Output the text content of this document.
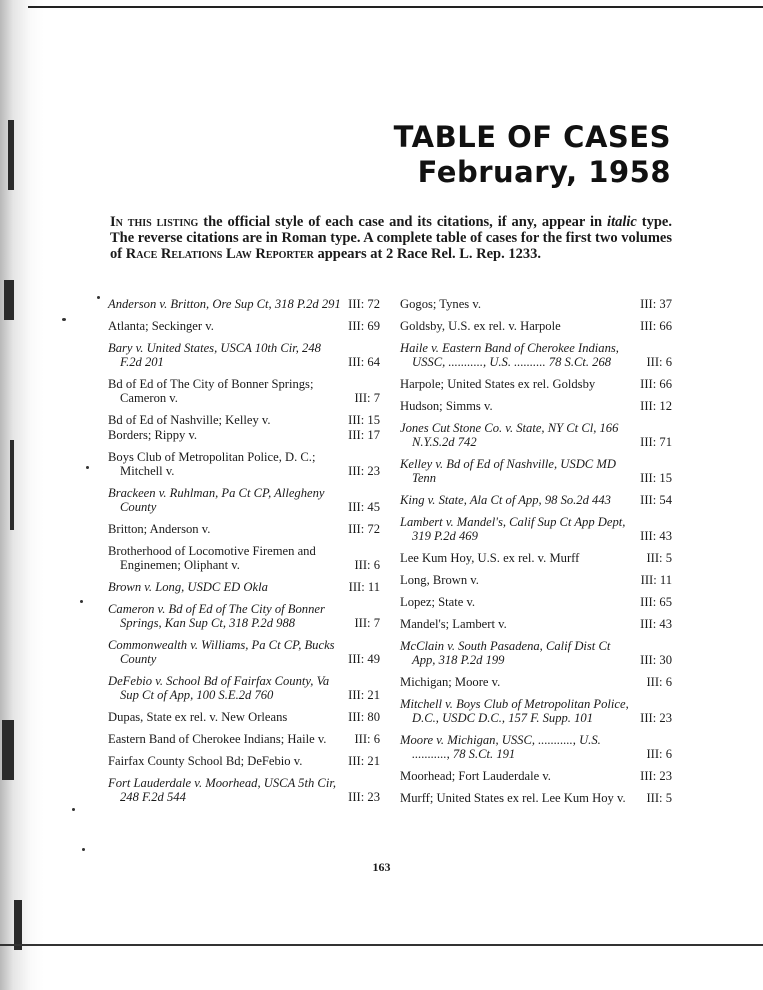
TABLE OF CASES
February, 1958
In this listing the official style of each case and its citations, if any, appear in italic type. The reverse citations are in Roman type. A complete table of cases for the first two volumes of Race Relations Law Reporter appears at 2 Race Rel. L. Rep. 1233.
Anderson v. Britton, Ore Sup Ct, 318 P.2d 291 III: 72
Atlanta; Seckinger v.	III: 69
Bary v. United States, USCA 10th Cir, 248 F.2d 201	III: 64
Bd of Ed of The City of Bonner Springs; Cameron v.	III: 7
Bd of Ed of Nashville; Kelley v.	III: 15
Borders; Rippy v.	III: 17
Boys Club of Metropolitan Police, D. C.; Mitchell v.	III: 23
Brackeen v. Ruhlman, Pa Ct CP, Allegheny County	III: 45
Britton; Anderson v.	III: 72
Brotherhood of Locomotive Firemen and Enginemen; Oliphant v.	III: 6
Brown v. Long, USDC ED Okla	III: 11
Cameron v. Bd of Ed of The City of Bonner Springs, Kan Sup Ct, 318 P.2d 988	III: 7
Commonwealth v. Williams, Pa Ct CP, Bucks County	III: 49
DeFebio v. School Bd of Fairfax County, Va Sup Ct of App, 100 S.E.2d 760	III: 21
Dupas, State ex rel. v. New Orleans	III: 80
Eastern Band of Cherokee Indians; Haile v.	III: 6
Fairfax County School Bd; DeFebio v.	III: 21
Fort Lauderdale v. Moorhead, USCA 5th Cir, 248 F.2d 544	III: 23
Gogos; Tynes v.	III: 37
Goldsby, U.S. ex rel. v. Harpole	III: 66
Haile v. Eastern Band of Cherokee Indians, USSC, ..........., U.S. .......... 78 S.Ct. 268	III: 6
Harpole; United States ex rel. Goldsby	III: 66
Hudson; Simms v.	III: 12
Jones Cut Stone Co. v. State, NY Ct Cl, 166 N.Y.S.2d 742	III: 71
Kelley v. Bd of Ed of Nashville, USDC MD Tenn	III: 15
King v. State, Ala Ct of App, 98 So.2d 443	III: 54
Lambert v. Mandel's, Calif Sup Ct App Dept, 319 P.2d 469	III: 43
Lee Kum Hoy, U.S. ex rel. v. Murff	III: 5
Long, Brown v.	III: 11
Lopez; State v.	III: 65
Mandel's; Lambert v.	III: 43
McClain v. South Pasadena, Calif Dist Ct App, 318 P.2d 199	III: 30
Michigan; Moore v.	III: 6
Mitchell v. Boys Club of Metropolitan Police, D.C., USDC D.C., 157 F. Supp. 101	III: 23
Moore v. Michigan, USSC, ..........., U.S. ..........., 78 S.Ct. 191	III: 6
Moorhead; Fort Lauderdale v.	III: 23
Murff; United States ex rel. Lee Kum Hoy v.	III: 5
163
